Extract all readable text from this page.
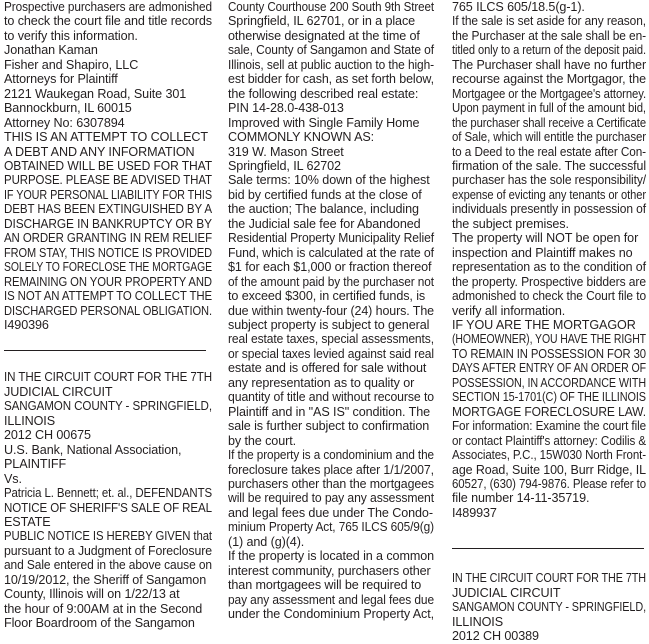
Prospective purchasers are admonished
to check the court file and title records
to verify this information.
Jonathan Kaman
Fisher and Shapiro, LLC
Attorneys for Plaintiff
2121 Waukegan Road, Suite 301
Bannockburn, IL 60015
Attorney No: 6307894
THIS IS AN ATTEMPT TO COLLECT
A DEBT AND ANY INFORMATION
OBTAINED WILL BE USED FOR THAT
PURPOSE. PLEASE BE ADVISED THAT
IF YOUR PERSONAL LIABILITY FOR THIS
DEBT HAS BEEN EXTINGUISHED BY A
DISCHARGE IN BANKRUPTCY OR BY
AN ORDER GRANTING IN REM RELIEF
FROM STAY, THIS NOTICE IS PROVIDED
SOLELY TO FORECLOSE THE MORTGAGE
REMAINING ON YOUR PROPERTY AND
IS NOT AN ATTEMPT TO COLLECT THE
DISCHARGED PERSONAL OBLIGATION.
I490396
IN THE CIRCUIT COURT FOR THE 7TH
JUDICIAL CIRCUIT
SANGAMON COUNTY - SPRINGFIELD,
ILLINOIS
2012 CH 00675
U.S. Bank, National Association,
PLAINTIFF
Vs.
Patricia L. Bennett; et. al., DEFENDANTS
NOTICE OF SHERIFF'S SALE OF REAL
ESTATE
PUBLIC NOTICE IS HEREBY GIVEN that
pursuant to a Judgment of Foreclosure
and Sale entered in the above cause on
10/19/2012, the Sheriff of Sangamon
County, Illinois will on 1/22/13 at
the hour of 9:00AM at in the Second
Floor Boardroom of the Sangamon
County Courthouse 200 South 9th Street
Springfield, IL 62701, or in a place
otherwise designated at the time of
sale, County of Sangamon and State of
Illinois, sell at public auction to the high-
est bidder for cash, as set forth below,
the following described real estate:
PIN 14-28.0-438-013
Improved with Single Family Home
COMMONLY KNOWN AS:
319 W. Mason Street
Springfield, IL 62702
Sale terms: 10% down of the highest
bid by certified funds at the close of
the auction; The balance, including
the Judicial sale fee for Abandoned
Residential Property Municipality Relief
Fund, which is calculated at the rate of
$1 for each $1,000 or fraction thereof
of the amount paid by the purchaser not
to exceed $300, in certified funds, is
due within twenty-four (24) hours. The
subject property is subject to general
real estate taxes, special assessments,
or special taxes levied against said real
estate and is offered for sale without
any representation as to quality or
quantity of title and without recourse to
Plaintiff and in "AS IS" condition. The
sale is further subject to confirmation
by the court.
If the property is a condominium and the
foreclosure takes place after 1/1/2007,
purchasers other than the mortgagees
will be required to pay any assessment
and legal fees due under The Condo-
minium Property Act, 765 ILCS 605/9(g)
(1) and (g)(4).
If the property is located in a common
interest community, purchasers other
than mortgagees will be required to
pay any assessment and legal fees due
under the Condominium Property Act,
765 ILCS 605/18.5(g-1).
If the sale is set aside for any reason,
the Purchaser at the sale shall be en-
titled only to a return of the deposit paid.
The Purchaser shall have no further
recourse against the Mortgagor, the
Mortgagee or the Mortgagee's attorney.
Upon payment in full of the amount bid,
the purchaser shall receive a Certificate
of Sale, which will entitle the purchaser
to a Deed to the real estate after Con-
firmation of the sale. The successful
purchaser has the sole responsibility/
expense of evicting any tenants or other
individuals presently in possession of
the subject premises.
The property will NOT be open for
inspection and Plaintiff makes no
representation as to the condition of
the property. Prospective bidders are
admonished to check the Court file to
verify all information.
IF YOU ARE THE MORTGAGOR
(HOMEOWNER), YOU HAVE THE RIGHT
TO REMAIN IN POSSESSION FOR 30
DAYS AFTER ENTRY OF AN ORDER OF
POSSESSION, IN ACCORDANCE WITH
SECTION 15-1701(C) OF THE ILLINOIS
MORTGAGE FORECLOSURE LAW.
For information: Examine the court file
or contact Plaintiff's attorney: Codilis &
Associates, P.C., 15W030 North Front-
age Road, Suite 100, Burr Ridge, IL
60527, (630) 794-9876. Please refer to
file number 14-11-35719.
I489937
IN THE CIRCUIT COURT FOR THE 7TH
JUDICIAL CIRCUIT
SANGAMON COUNTY - SPRINGFIELD,
ILLINOIS
2012 CH 00389
